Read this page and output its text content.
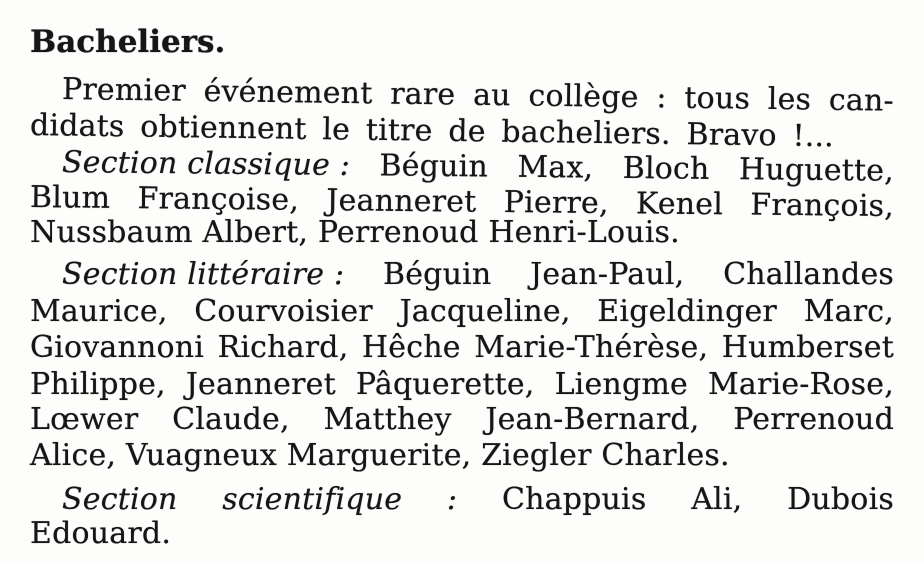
Bacheliers.
Premier événement rare au collège : tous les can-
didats obtiennent le titre de bacheliers. Bravo !...
Section classique : Béguin Max, Bloch Huguette,
Blum Françoise, Jeanneret Pierre, Kenel François,
Nussbaum Albert, Perrenoud Henri-Louis.
Section littéraire : Béguin Jean-Paul, Challandes
Maurice, Courvoisier Jacqueline, Eigeldinger Marc,
Giovannoni Richard, Hêche Marie-Thérèse, Humberset
Philippe, Jeanneret Pâquerette, Liengme Marie-Rose,
Lœwer Claude, Matthey Jean-Bernard, Perrenoud
Alice, Vuagneux Marguerite, Ziegler Charles.
Section scientifique : Chappuis Ali, Dubois
Edouard.
